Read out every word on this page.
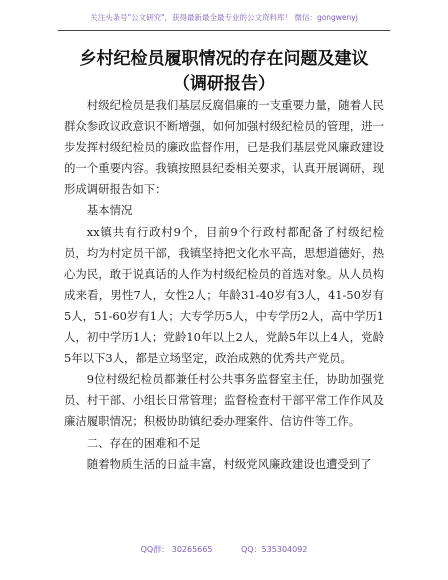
关注头条号"公文研究"，获得最新最全最专业的公文资料库！ 微信：gongwenyj
乡村纪检员履职情况的存在问题及建议（调研报告）

村级纪检员是我们基层反腐倡廉的一支重要力量，随着人民群众参政议政意识不断增强，如何加强村级纪检员的管理，进一步发挥村级纪检员的廉政监督作用，已是我们基层党风廉政建设的一个重要内容。我镇按照县纪委相关要求，认真开展调研，现形成调研报告如下：

基本情况

xx镇共有行政村9个，目前9个行政村都配备了村级纪检员，均为村定员干部，我镇坚持把文化水平高，思想道德好，热心为民，敢于说真话的人作为村级纪检员的首选对象。从人员构成来看，男性7人，女性2人；年龄31-40岁有3人，41-50岁有5人，51-60岁有1人；大专学历5人，中专学历2人，高中学历1人，初中学历1人；党龄10年以上2人，党龄5年以上4人，党龄5年以下3人，都是立场坚定，政治成熟的优秀共产党员。

9位村级纪检员都兼任村公共事务监督室主任，协助加强党员、村干部、小组长日常管理；监督检查村干部平常工作作风及廉洁履职情况；积极协助镇纪委办理案件、信访件等工作。

二、存在的困难和不足

随着物质生活的日益丰富，村级党风廉政建设也遭受到了

QQ群： 30265665	QQ：535304092
